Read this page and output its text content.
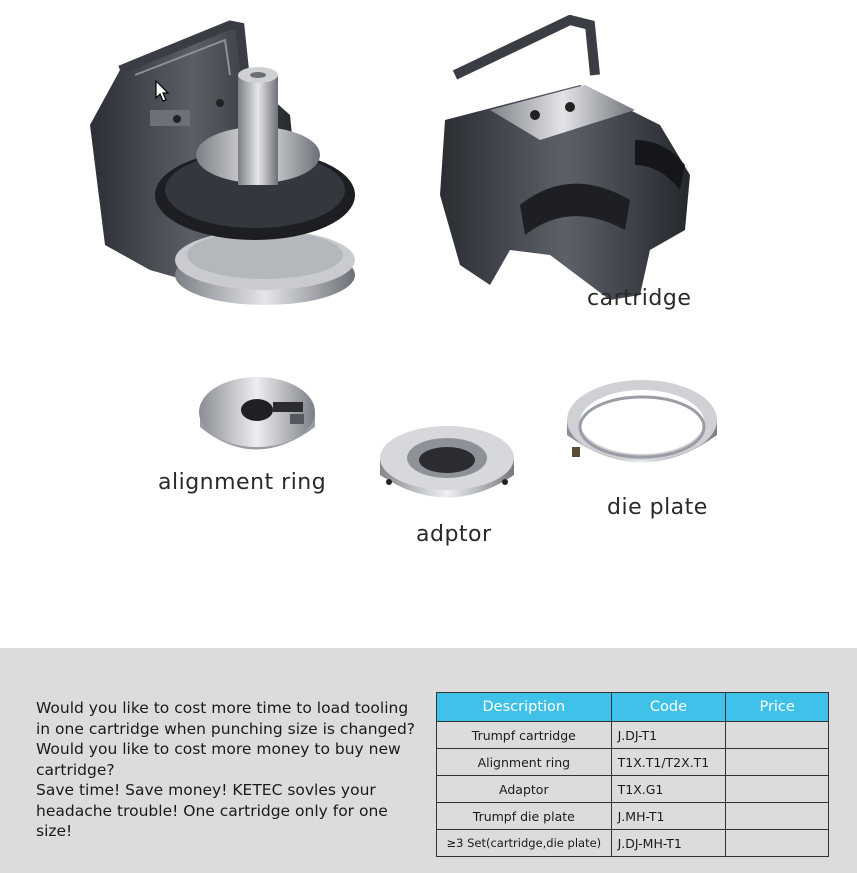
cartridge
alignment ring
adptor
die plate

Would you like to cost more time to load tooling in one cartridge when punching size is changed?

Would you like to cost more money to buy new cartridge?

Save time! Save money! KETEC sovles your headache trouble! One cartridge only for one size!

Description	Code	Price
Trumpf cartridge	J.DJ-T1	
Alignment ring	T1X.T1/T2X.T1	
Adaptor	T1X.G1	
Trumpf die plate	J.MH-T1	
≥3 Set(cartridge,die plate)	J.DJ-MH-T1	
